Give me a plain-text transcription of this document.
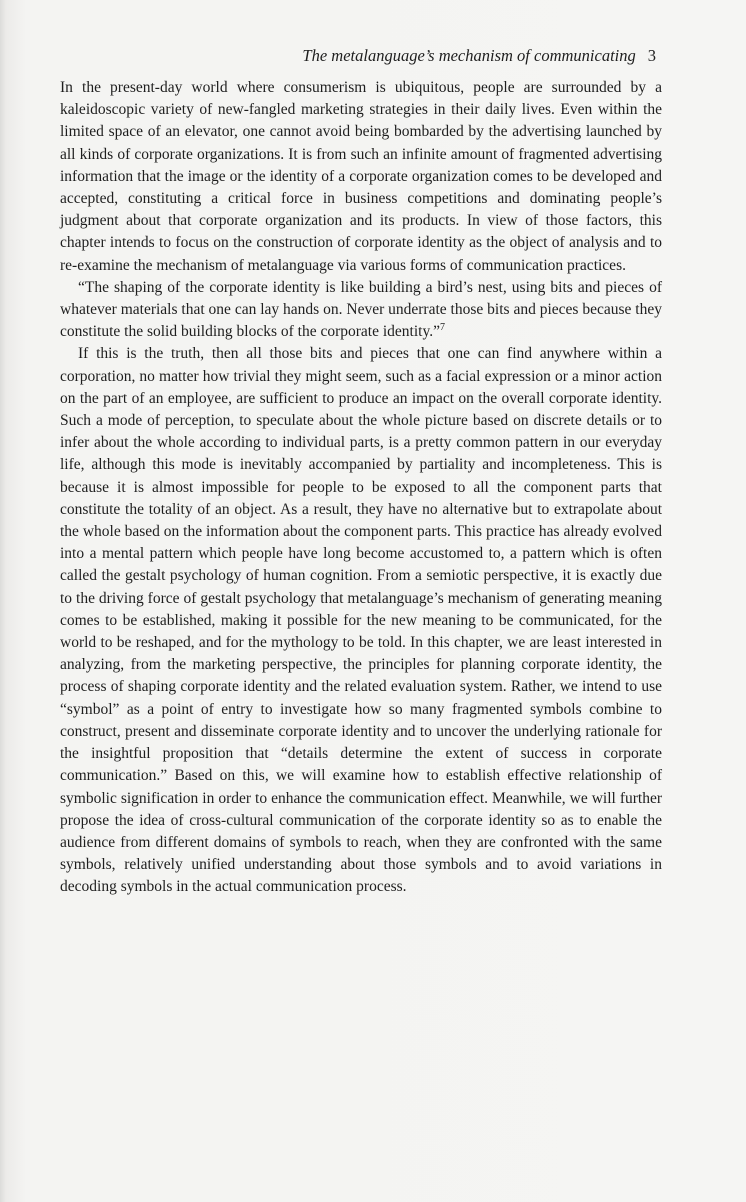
The metalanguage’s mechanism of communicating 3

In the present-day world where consumerism is ubiquitous, people are surrounded by a kaleidoscopic variety of new-fangled marketing strategies in their daily lives. Even within the limited space of an elevator, one cannot avoid being bombarded by the advertising launched by all kinds of corporate organizations. It is from such an infinite amount of fragmented advertising information that the image or the identity of a corporate organization comes to be developed and accepted, constituting a critical force in business competitions and dominating people’s judgment about that corporate organization and its products. In view of those factors, this chapter intends to focus on the construction of corporate identity as the object of analysis and to re-examine the mechanism of metalanguage via various forms of communication practices.

“The shaping of the corporate identity is like building a bird’s nest, using bits and pieces of whatever materials that one can lay hands on. Never underrate those bits and pieces because they constitute the solid building blocks of the corporate identity.”$^7$

If this is the truth, then all those bits and pieces that one can find anywhere within a corporation, no matter how trivial they might seem, such as a facial expression or a minor action on the part of an employee, are sufficient to produce an impact on the overall corporate identity. Such a mode of perception, to speculate about the whole picture based on discrete details or to infer about the whole according to individual parts, is a pretty common pattern in our everyday life, although this mode is inevitably accompanied by partiality and incompleteness. This is because it is almost impossible for people to be exposed to all the component parts that constitute the totality of an object. As a result, they have no alternative but to extrapolate about the whole based on the information about the component parts. This practice has already evolved into a mental pattern which people have long become accustomed to, a pattern which is often called the gestalt psychology of human cognition. From a semiotic perspective, it is exactly due to the driving force of gestalt psychology that metalanguage’s mechanism of generating meaning comes to be established, making it possible for the new meaning to be communicated, for the world to be reshaped, and for the mythology to be told. In this chapter, we are least interested in analyzing, from the marketing perspective, the principles for planning corporate identity, the process of shaping corporate identity and the related evaluation system. Rather, we intend to use “symbol” as a point of entry to investigate how so many fragmented symbols combine to construct, present and disseminate corporate identity and to uncover the underlying rationale for the insightful proposition that “details determine the extent of success in corporate communication.” Based on this, we will examine how to establish effective relationship of symbolic signification in order to enhance the communication effect. Meanwhile, we will further propose the idea of cross-cultural communication of the corporate identity so as to enable the audience from different domains of symbols to reach, when they are confronted with the same symbols, relatively unified understanding about those symbols and to avoid variations in decoding symbols in the actual communication process.
